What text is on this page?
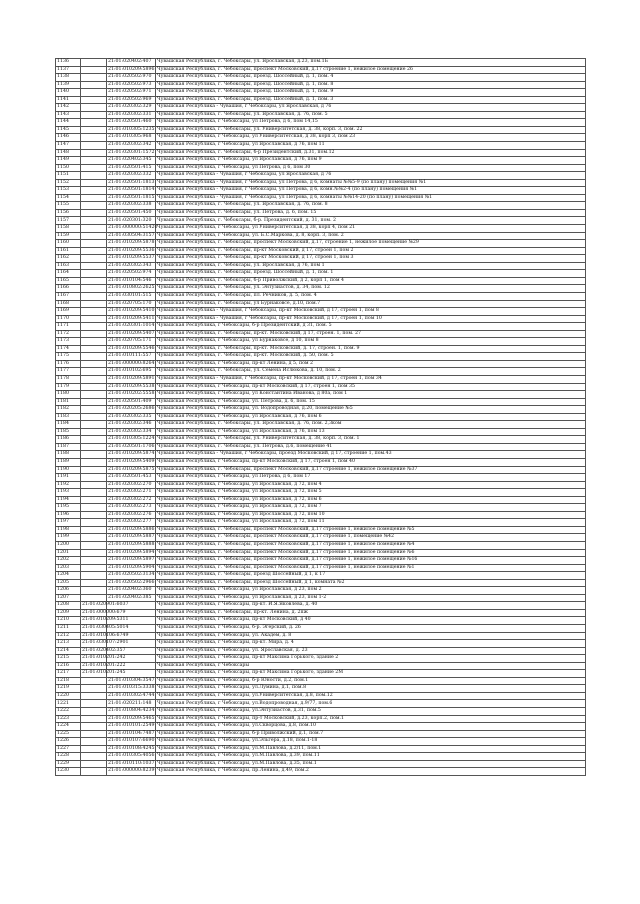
1136		21:01:020402:407	Чувашская Республика, г. Чебоксары, ул. Ярославская, д.23, пом.1Б
1137		21:01:010209:5896	Чувашская Республика, г. Чебоксары, проспект Московский, д.17 строение 1, нежилое помещение 26
1138		21:01:020502:970	Чувашская Республика, г. Чебоксары, проезд. Шоссейный, д. 1, пом. 4
1139		21:01:020502:973	Чувашская Республика, г. Чебоксары, проезд. Шоссейный, д. 1, пом. 8
1140		21:01:020502:971	Чувашская Республика, г. Чебоксары, проезд. Шоссейный, д. 1, пом. 9
1141		21:01:020502:969	Чувашская Республика, г. Чебоксары, проезд. Шоссейный, д. 1, пом. 3
1142		21:01:020302:329	Чувашская Республика - Чувашия, г Чебоксары, ул Ярославская, д 76
1143		21:01:020302:331	Чувашская Республика, г. Чебоксары, ул. Ярославская, д. 76, пом. 5
1144		21:01:020501:460	Чувашская Республика, г Чебоксары, ул Петрова, д 6, пом 14,15
1145		21:01:010305:1235	Чувашская Республика, г. Чебоксары, ул. Университетская, д. 38, корп. 3, пом. 22
1146		21:01:010305:968	Чувашская Республика, г Чебоксары, ул Университетская, д 38, корп 3, пом 23
1147		21:01:020302:342	Чувашская Республика, г Чебоксары, ул Ярославская, д 76, пом 11
1148		21:01:020301:1572	Чувашская Республика, г. Чебоксары, б-р Президентский, д.31, пом.12
1149		21:01:020402:345	Чувашская Республика, г Чебоксары, ул Ярославская, д 76, пом 9
1150		21:01:020501:415	Чувашская Республика, г Чебоксары, ул Петрова, д 6, пом 30
1151		21:01:020302:332	Чувашская Республика - Чувашия, г Чебоксары, ул Ярославская, д 76
1152		21:01:020501:1813	Чувашская Республика - Чувашия, г Чебоксары, ул Петрова, д 6, комнаты №№5-9 (по плану) помещения №1
1153		21:01:020501:1814	Чувашская Республика - Чувашия, г Чебоксары, ул Петрова, д 6, комн.№№2-4 (по плану) помещения №1
1154		21:01:020501:1815	Чувашская Республика - Чувашия, г Чебоксары, ул Петрова, д 6, комнаты №№14-20 (по плану) помещения №1
1155		21:01:020302:338	Чувашская Республика, г. Чебоксары, ул. Ярославская, д. 76, пом. 8
1156		21:01:020501:450	Чувашская Республика, г. Чебоксары, ул. Петрова, д. 6, пом. 15
1157		21:01:020301:320	Чувашская Республика, г. Чебоксары, б-р. Президентский, д. 31, пом. 2
1158		21:01:000000:51420	Чувашская Республика, г Чебоксары, ул Университетская, д 38, корп 4, пом 21
1159		21:01:030504:3157	Чувашская Республика, г Чебоксары, ул. Б.С.Маркова, д. 8, корп. 3, пом. 2
1160		21:01:010209:5878	Чувашская Республика, г. Чебоксары, проспект Московский, д.17, строение 1, нежилое помещение №29
1161		21:01:010209:5536	Чувашская Республика, г. Чебоксары, пр-кт Московский, д 17, строен 1, пом 2
1162		21:01:010209:5537	Чувашская Республика, г. Чебоксары, пр-кт Московский, д 17, строен 1, пом 3
1163		21:01:020302:343	Чувашская Республика, г. Чебоксары, ул. Ярославская, д 76, пом 1
1164		21:01:020502:974	Чувашская Республика, г. Чебоксары, проезд. Шоссейный, д. 1, пом. 1
1165		21:01:010104:546	Чувашская Республика, г. Чебоксары, б-р Приволжский, д 2, корп 1, пом 4
1166		21:01:010802:2625	Чувашская Республика, г. Чебоксары, ул. Энтузиастов, д. 34, пом. 12
1167		21:01:030101:515	Чувашская Республика, г. Чебоксары, пл. Речников, д. 5, пом. 4
1168		21:01:020705:170	Чувашская Республика, г. Чебоксары, ул Бурнаковсе, д.10, пом.7
1169		21:01:010209:5410	Чувашская Республика - Чувашия, г Чебоксары, пр-кт Московский, д 17, строен 1, пом 8
1170		21:01:010209:5411	Чувашская Республика - Чувашия, г Чебоксары, пр-кт Московский, д 17, строен 1, пом 10
1171		21:01:020301:1014	Чувашская Республика, г Чебоксары, б-р Президентский, д 31, пом. 5
1172		21:01:010209:5407	Чувашская Республика, г. Чебоксары, пр-кт. Московский, д 17, строен. 1, пом. 27
1173		21:01:020705:171	Чувашская Республика, г Чебоксары, ул Бурнаковсе, д 10, пом 8
1174		21:01:010209:5546	Чувашская Республика, г. Чебоксары, пр-кт. Московский, д. 17, строен. 1, пом. 9
1175		21:01:010111:557	Чувашская Республика, г. Чебоксары, пр-кт. Московский, д. 50, пом. 5
1176		21:01:000000:8264	Чувашская Республика, г Чебоксары, пр-кт Ленина, д 5, пом 2
1177		21:01:010102:695	Чувашская Республика, г. Чебоксары, ул. Семена Ислюкова, д. 10, пом. 2
1178		21:01:010209:5891	Чувашская Республика - Чувашия, г Чебоксары, пр-кт Московский, д 17, строен 1, пом 34
1179		21:01:010209:5538	Чувашская Республика, г Чебоксары, пр-кт Московский, д 17, строен 1, пом 35
1180		21:01:010202:5558	Чувашская Республика, г Чебоксары, ул Константина Иванова, д 80а, пом 1
1181		21:01:020501:409	Чувашская Республика, г Чебоксары, ул. Петрова, д. 6, пом. 15
1182		21:01:020205:2686	Чувашская Республика, г Чебоксары, ул. Водопроводная, д.20, помещение №5
1183		21:01:020302:335	Чувашская Республика, г Чебоксары, ул Ярославская, д 76, пом 6
1184		21:01:020302:346	Чувашская Республика, г. Чебоксары, ул. Ярославская, д. 76, пом. 2,3ком
1185		21:01:020302:334	Чувашская Республика, г Чебоксары, ул Ярославская, д 76, пом 13
1186		21:01:010305:1224	Чувашская Республика, г. Чебоксары, ул. Университетская, д. 38, корп. 3, пом. 1
1187		21:01:020501:1706	Чувашская Республика, г. Чебоксары, ул. Петрова, д.6, помещение 41
1188		21:01:010209:5874	Чувашская Республика - Чувашия, г Чебоксары, проезд Московский, д 17, строение 1, пом.43
1189		21:01:010209:5409	Чувашская Республика, г Чебоксары, пр-кт Московский, д 17, строен 1, пом 40
1190		21:01:010209:5875	Чувашская Республика, г. Чебоксары, проспект Московский, д.17 строение 1, нежилое помещение №37
1191		21:01:020501:453	Чувашская Республика, г Чебоксары, ул Петрова, д 6, пом 17
1192		21:01:020302:270	Чувашская Республика, г Чебоксары, ул Ярославская, д 72, пом 4
1193		21:01:020302:271	Чувашская Республика, г Чебоксары, ул Ярославская, д 72, пом 5
1194		21:01:020302:272	Чувашская Республика, г Чебоксары, ул Ярославская, д 72, пом 6
1195		21:01:020302:273	Чувашская Республика, г Чебоксары, ул Ярославская, д 72, пом 7
1196		21:01:020302:276	Чувашская Республика, г Чебоксары, ул Ярославская, д 72, пом 10
1197		21:01:020302:277	Чувашская Республика, г Чебоксары, ул Ярославская, д 72, пом 11
1198		21:01:010209:5886	Чувашская Республика, г. Чебоксары, проспект Московский, д.17 строение 1, нежилое помещение №5
1199		21:01:010209:5887	Чувашская Республика, г. Чебоксары, проспект Московский, д.17 строение 1, помещение №42
1200		21:01:010209:5888	Чувашская Республика, г. Чебоксары, проспект Московский, д.17 строение 1, нежилое помещение №4
1201		21:01:010209:5894	Чувашская Республика, г. Чебоксары, проспект Московский, д.17 строение 1, нежилое помещение №6
1202		21:01:010209:5897	Чувашская Республика, г. Чебоксары, проспект Московский, д.17 строение 1, нежилое помещение №16
1203		21:01:010209:5904	Чувашская Республика, г. Чебоксары, проспект Московский, д.17 строение 1, нежилое помещение №1
1204		21:01:020502:3134	Чувашская Республика, г. Чебоксары, проезд Шоссейный, д 1, к 17
1205		21:01:020502:2966	Чувашская Республика, г. Чебоксары, проезд Шоссейный, д 1, комната №2
1206		21:01:020402:360	Чувашская Республика, г Чебоксары, ул Ярославская, д 23, пом 2
1207		21:01:020402:385	Чувашская Республика, г Чебоксары, ул Ярославская, д 23, пом 1-2
1208	21:01:020901:6037		Чувашская Республика, г Чебоксары, пр-кт. И.Я.Яковлева, д. 40
1209	21:01:000000:679		Чувашская Республика, г. Чебоксары, пр-кт. Ленина, д. 2пж
1210	21:01:010209:5311		Чувашская Республика, г Чебоксары, пр-кт Московский, д 40
1211	21:01:030405:5014		Чувашская Республика, г Чебоксары, б-р. Эгерский, д. 26
1212	21:01:010106:6749		Чувашская Республика, г Чебоксары, ул. Академ, д. 8
1213	21:01:030107:2901		Чувашская Республика, г Чебоксары, пр-кт. Мира, д. 4
1214	21:01:020402:357		Чувашская Республика, г Чебоксары, ул. Ярославская, д. 23
1215	21:01:010201:242		Чувашская Республика, г Чебоксары, пр-кт Максима Горького, здание 2
1216	21:01:010201:222		Чувашская Республика, г Чебоксары
1217	21:01:010201:245		Чувашская Республика, г Чебоксары, пр-кт Максима Горького, здание 2М
1218		21:01:010304:3547	Чувашская Республика, г Чебоксары, б-р Юности, д.2, пом.1
1219		21:01:010315:3338	Чувашская Республика, г Чебоксары, ул.Лумина, д.1, пом.8
1220		21:01:010302:4744	Чувашская Республика, г Чебоксары, ул.Университетская, д.8, пом.12
1221		21:01:020211:148	Чувашская Республика, г Чебоксары, ул.Водопроводная, д.9/77, пом.6
1222		21:01:010804:4234	Чувашская Республика, г Чебоксары, ул.Энтузиастов, д.31, пом.5
1223		21:01:010209:5465	Чувашская Республика, г Чебоксары, пр-т Московский, д.23, корп.2, пом.1
1224		21:01:010101:2549	Чувашская Республика, г Чебоксары, ул.Скворцова, д.8, пом.10
1225		21:01:010104:7487	Чувашская Республика, г Чебоксары, б-р Приволжский, д.1, пом.7
1226		21:01:010107:6690	Чувашская Республика, г Чебоксары, ул.Эльгера, д.18, пом.1-18
1227		21:01:010108:4245	Чувашская Республика, г Чебоксары, ул.М.Павлова, д.2/11, пом.1
1228		21:01:010305:4056	Чувашская Республика, г Чебоксары, ул.М.Павлова, д.39, пом.11
1229		21:01:010110:1037	Чувашская Республика, г Чебоксары, ул.М.Павлова, д.35, пом.1
1230		21:01:000000:8239	Чувашская Республика, г Чебоксары, пр.Ленина, д.49, пом.2
